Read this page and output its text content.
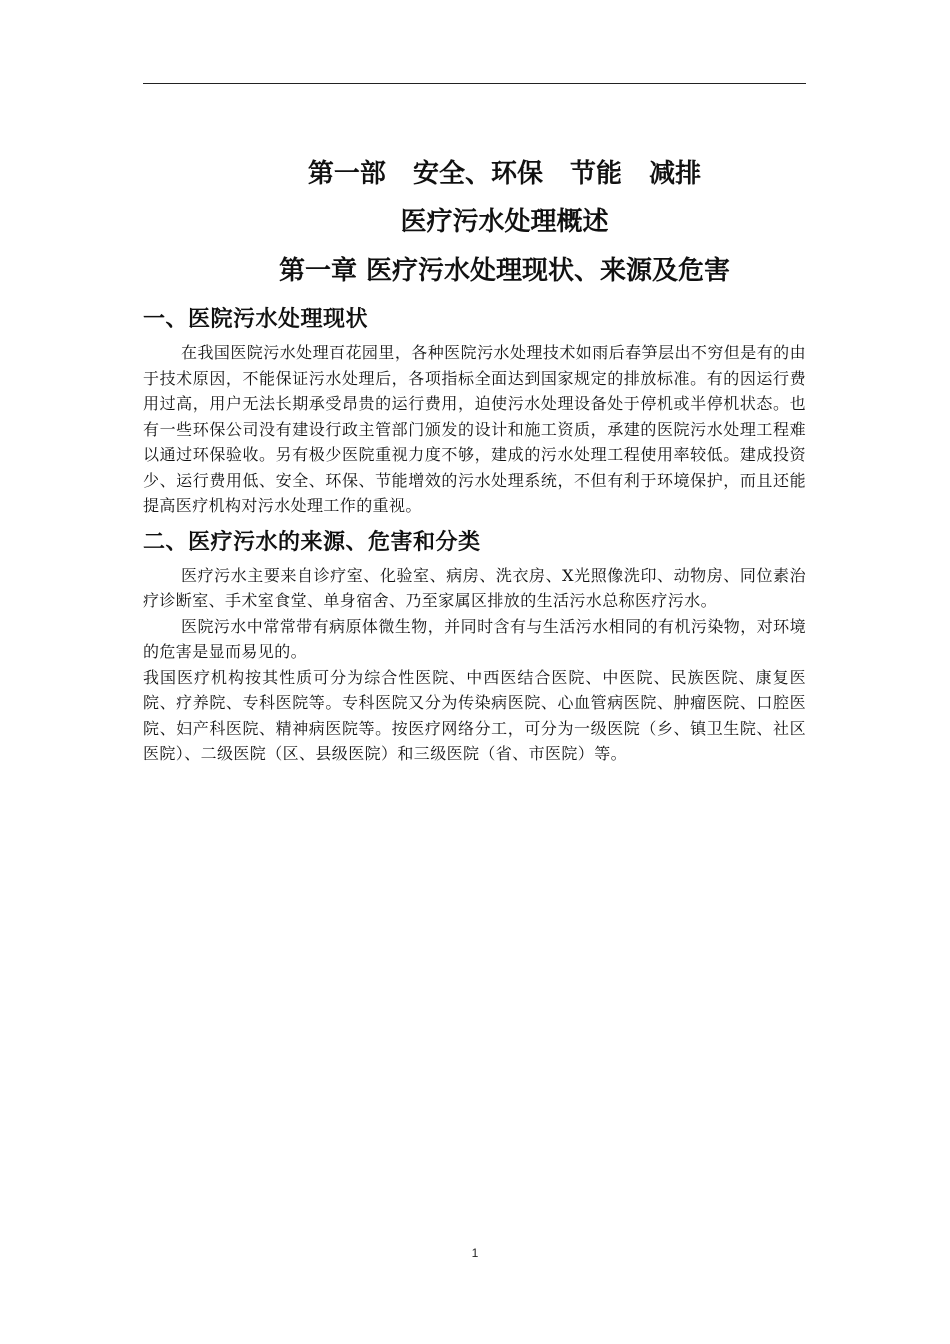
第一部 安全、环保 节能 减排
医疗污水处理概述
第一章 医疗污水处理现状、来源及危害
一、医院污水处理现状

在我国医院污水处理百花园里，各种医院污水处理技术如雨后春笋层出不穷但是有的由于技术原因，不能保证污水处理后，各项指标全面达到国家规定的排放标准。有的因运行费用过高，用户无法长期承受昂贵的运行费用，迫使污水处理设备处于停机或半停机状态。也有一些环保公司没有建设行政主管部门颁发的设计和施工资质，承建的医院污水处理工程难以通过环保验收。另有极少医院重视力度不够，建成的污水处理工程使用率较低。建成投资少、运行费用低、安全、环保、节能增效的污水处理系统，不但有利于环境保护，而且还能提高医疗机构对污水处理工作的重视。

二、医疗污水的来源、危害和分类

医疗污水主要来自诊疗室、化验室、病房、洗衣房、X光照像洗印、动物房、同位素治疗诊断室、手术室食堂、单身宿舍、乃至家属区排放的生活污水总称医疗污水。

医院污水中常常带有病原体微生物，并同时含有与生活污水相同的有机污染物，对环境的危害是显而易见的。

我国医疗机构按其性质可分为综合性医院、中西医结合医院、中医院、民族医院、康复医院、疗养院、专科医院等。专科医院又分为传染病医院、心血管病医院、肿瘤医院、口腔医院、妇产科医院、精神病医院等。按医疗网络分工，可分为一级医院（乡、镇卫生院、社区医院）、二级医院（区、县级医院）和三级医院（省、市医院）等。

1
